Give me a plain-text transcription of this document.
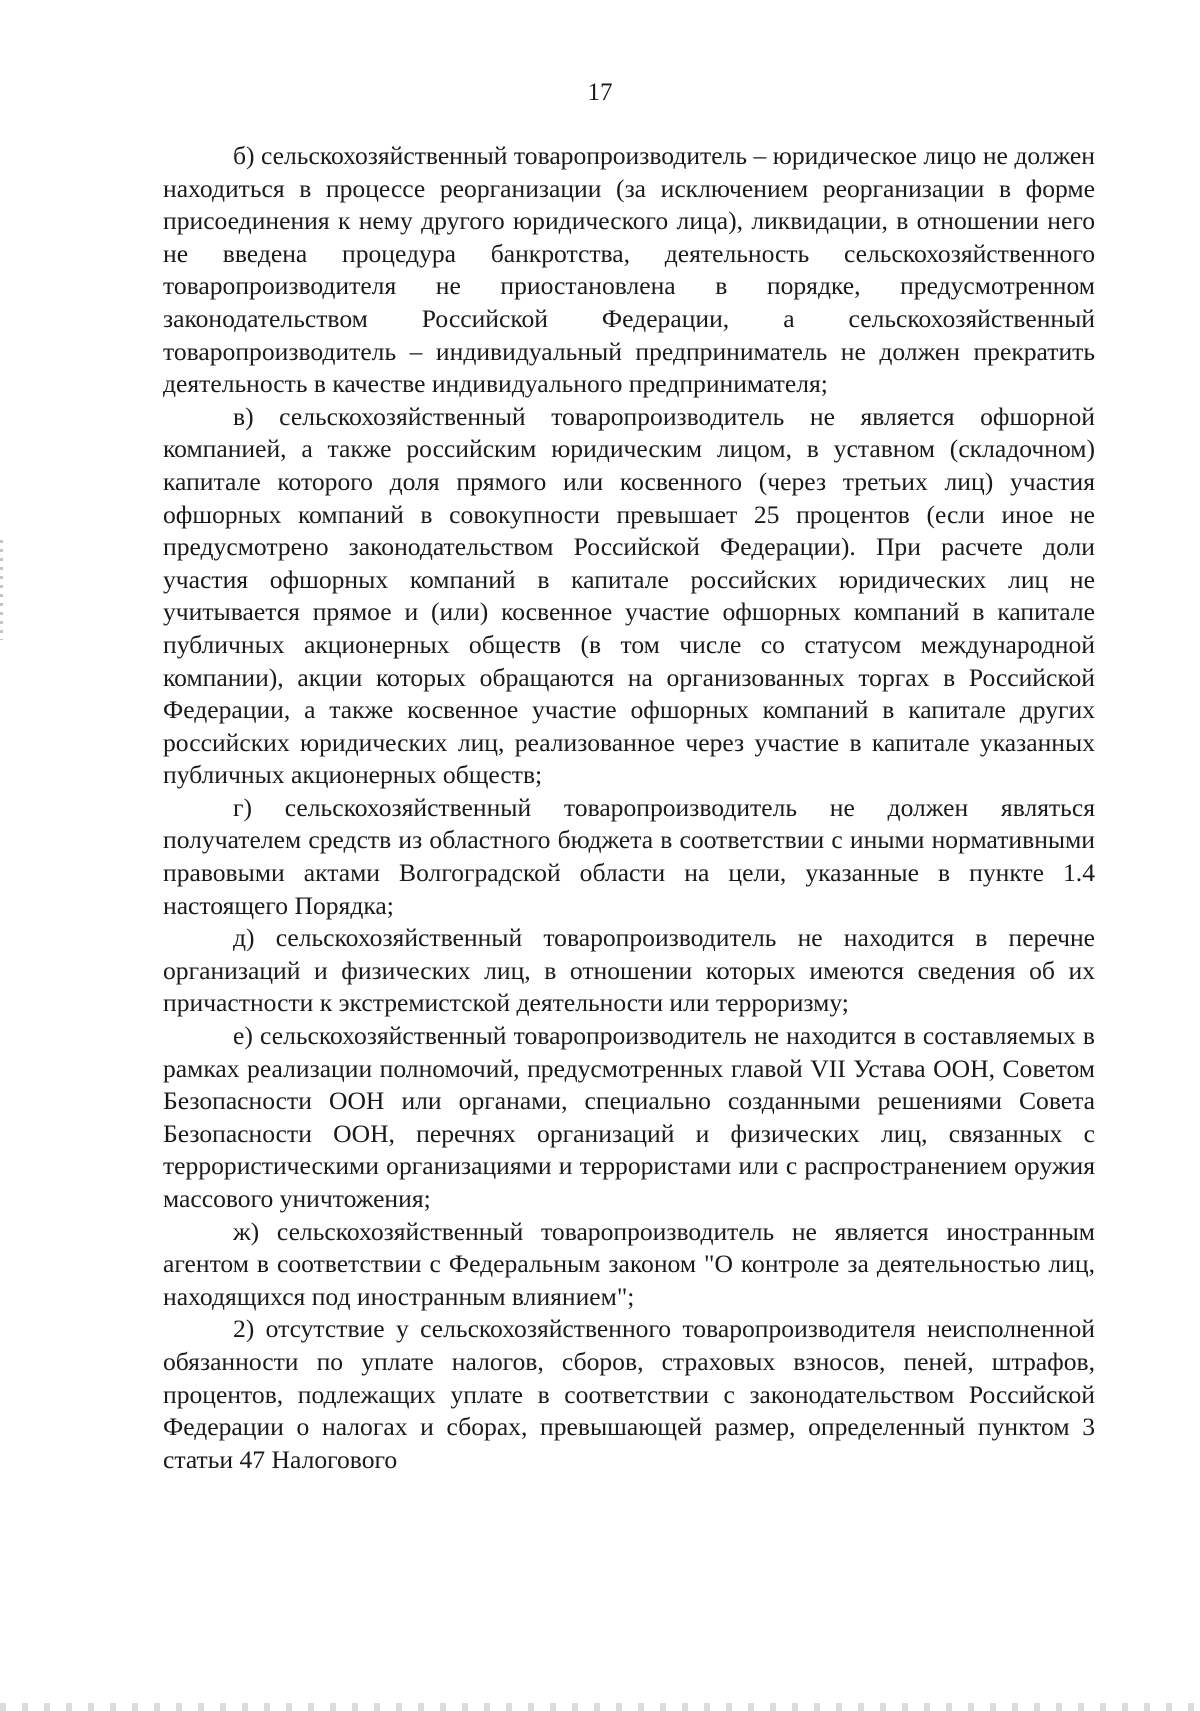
17

б) сельскохозяйственный товаропроизводитель – юридическое лицо не должен находиться в процессе реорганизации (за исключением реорганизации в форме присоединения к нему другого юридического лица), ликвидации, в отношении него не введена процедура банкротства, деятельность сельскохозяйственного товаропроизводителя не приостановлена в порядке, предусмотренном законодательством Российской Федерации, а сельскохозяйственный товаропроизводитель – индивидуальный предприниматель не должен прекратить деятельность в качестве индивидуального предпринимателя;

в) сельскохозяйственный товаропроизводитель не является офшорной компанией, а также российским юридическим лицом, в уставном (складочном) капитале которого доля прямого или косвенного (через третьих лиц) участия офшорных компаний в совокупности превышает 25 процентов (если иное не предусмотрено законодательством Российской Федерации). При расчете доли участия офшорных компаний в капитале российских юридических лиц не учитывается прямое и (или) косвенное участие офшорных компаний в капитале публичных акционерных обществ (в том числе со статусом международной компании), акции которых обращаются на организованных торгах в Российской Федерации, а также косвенное участие офшорных компаний в капитале других российских юридических лиц, реализованное через участие в капитале указанных публичных акционерных обществ;

г) сельскохозяйственный товаропроизводитель не должен являться получателем средств из областного бюджета в соответствии с иными нормативными правовыми актами Волгоградской области на цели, указанные в пункте 1.4 настоящего Порядка;

д) сельскохозяйственный товаропроизводитель не находится в перечне организаций и физических лиц, в отношении которых имеются сведения об их причастности к экстремистской деятельности или терроризму;

е) сельскохозяйственный товаропроизводитель не находится в составляемых в рамках реализации полномочий, предусмотренных главой VII Устава ООН, Советом Безопасности ООН или органами, специально созданными решениями Совета Безопасности ООН, перечнях организаций и физических лиц, связанных с террористическими организациями и террористами или с распространением оружия массового уничтожения;

ж) сельскохозяйственный товаропроизводитель не является иностранным агентом в соответствии с Федеральным законом "О контроле за деятельностью лиц, находящихся под иностранным влиянием";

2) отсутствие у сельскохозяйственного товаропроизводителя неисполненной обязанности по уплате налогов, сборов, страховых взносов, пеней, штрафов, процентов, подлежащих уплате в соответствии с законодательством Российской Федерации о налогах и сборах, превышающей размер, определенный пунктом 3 статьи 47 Налогового
